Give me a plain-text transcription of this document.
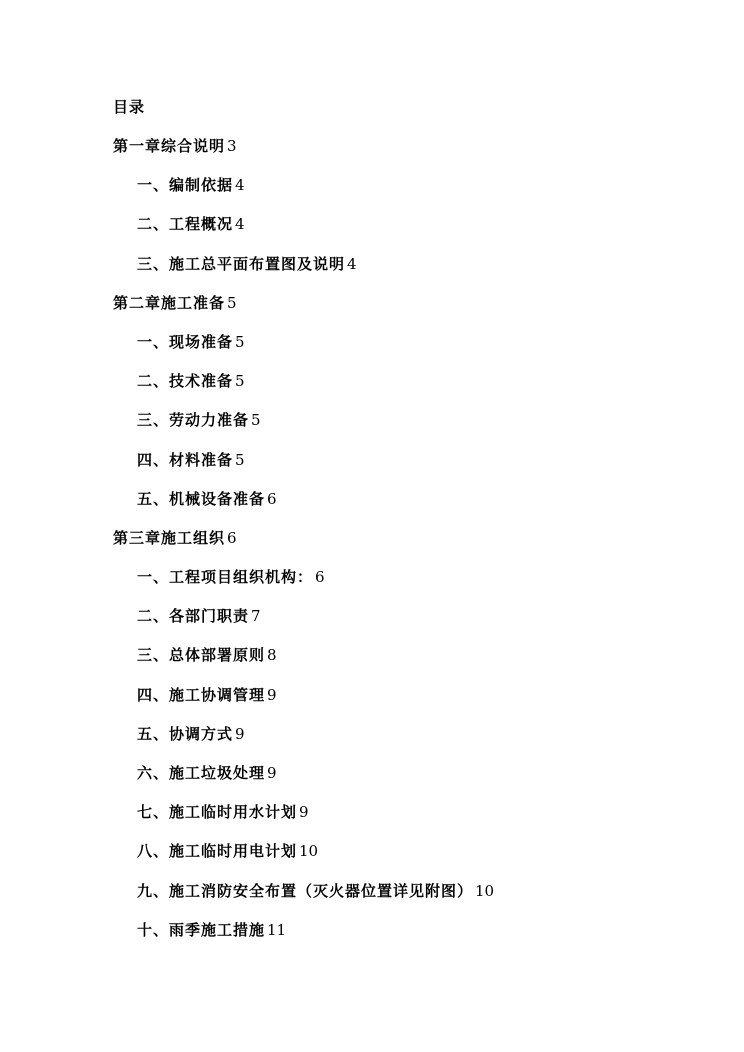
目录
第一章综合说明 3
一、编制依据 4
二、工程概况 4
三、施工总平面布置图及说明 4
第二章施工准备 5
一、现场准备 5
二、技术准备 5
三、劳动力准备 5
四、材料准备 5
五、机械设备准备 6
第三章施工组织 6
一、工程项目组织机构： 6
二、各部门职责 7
三、总体部署原则 8
四、施工协调管理 9
五、协调方式 9
六、施工垃圾处理 9
七、施工临时用水计划 9
八、施工临时用电计划 10
九、施工消防安全布置（灭火器位置详见附图） 10
十、雨季施工措施 11
